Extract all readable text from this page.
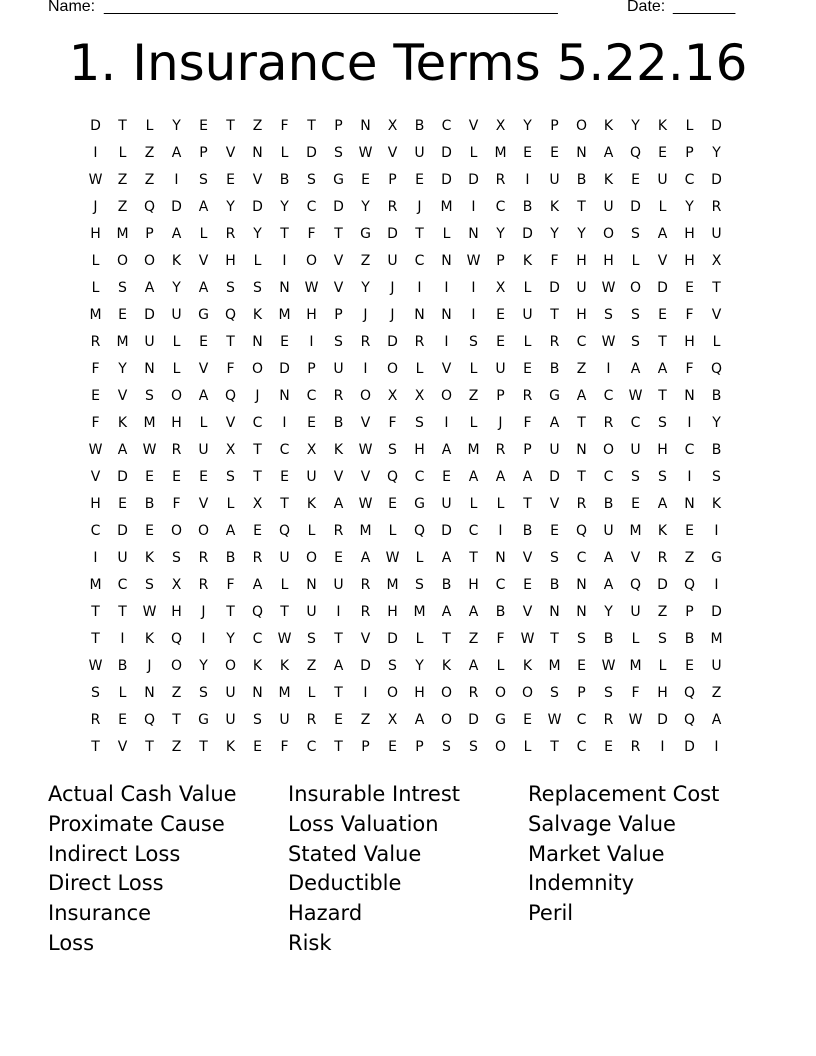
Name: ___________________________________________________	Date: _______
1. Insurance Terms 5.22.16
D	T	L	Y	E	T	Z	F	T	P	N	X	B	C	V	X	Y	P	O	K	Y	K	L	D
I	L	Z	A	P	V	N	L	D	S	W	V	U	D	L	M	E	E	N	A	Q	E	P	Y
W	Z	Z	I	S	E	V	B	S	G	E	P	E	D	D	R	I	U	B	K	E	U	C	D
J	Z	Q	D	A	Y	D	Y	C	D	Y	R	J	M	I	C	B	K	T	U	D	L	Y	R
H	M	P	A	L	R	Y	T	F	T	G	D	T	L	N	Y	D	Y	Y	O	S	A	H	U
L	O	O	K	V	H	L	I	O	V	Z	U	C	N	W	P	K	F	H	H	L	V	H	X
L	S	A	Y	A	S	S	N	W	V	Y	J	I	I	I	X	L	D	U	W	O	D	E	T
M	E	D	U	G	Q	K	M	H	P	J	J	N	N	I	E	U	T	H	S	S	E	F	V
R	M	U	L	E	T	N	E	I	S	R	D	R	I	S	E	L	R	C	W	S	T	H	L
F	Y	N	L	V	F	O	D	P	U	I	O	L	V	L	U	E	B	Z	I	A	A	F	Q
E	V	S	O	A	Q	J	N	C	R	O	X	X	O	Z	P	R	G	A	C	W	T	N	B
F	K	M	H	L	V	C	I	E	B	V	F	S	I	L	J	F	A	T	R	C	S	I	Y
W	A	W	R	U	X	T	C	X	K	W	S	H	A	M	R	P	U	N	O	U	H	C	B
V	D	E	E	E	S	T	E	U	V	V	Q	C	E	A	A	A	D	T	C	S	S	I	S
H	E	B	F	V	L	X	T	K	A	W	E	G	U	L	L	T	V	R	B	E	A	N	K
C	D	E	O	O	A	E	Q	L	R	M	L	Q	D	C	I	B	E	Q	U	M	K	E	I
I	U	K	S	R	B	R	U	O	E	A	W	L	A	T	N	V	S	C	A	V	R	Z	G
M	C	S	X	R	F	A	L	N	U	R	M	S	B	H	C	E	B	N	A	Q	D	Q	I
T	T	W	H	J	T	Q	T	U	I	R	H	M	A	A	B	V	N	N	Y	U	Z	P	D
T	I	K	Q	I	Y	C	W	S	T	V	D	L	T	Z	F	W	T	S	B	L	S	B	M
W	B	J	O	Y	O	K	K	Z	A	D	S	Y	K	A	L	K	M	E	W	M	L	E	U
S	L	N	Z	S	U	N	M	L	T	I	O	H	O	R	O	O	S	P	S	F	H	Q	Z
R	E	Q	T	G	U	S	U	R	E	Z	X	A	O	D	G	E	W	C	R	W	D	Q	A
T	V	T	Z	T	K	E	F	C	T	P	E	P	S	S	O	L	T	C	E	R	I	D	I
Actual Cash Value
Proximate Cause
Indirect Loss
Direct Loss
Insurance
Loss
Insurable Intrest
Loss Valuation
Stated Value
Deductible
Hazard
Risk
Replacement Cost
Salvage Value
Market Value
Indemnity
Peril
